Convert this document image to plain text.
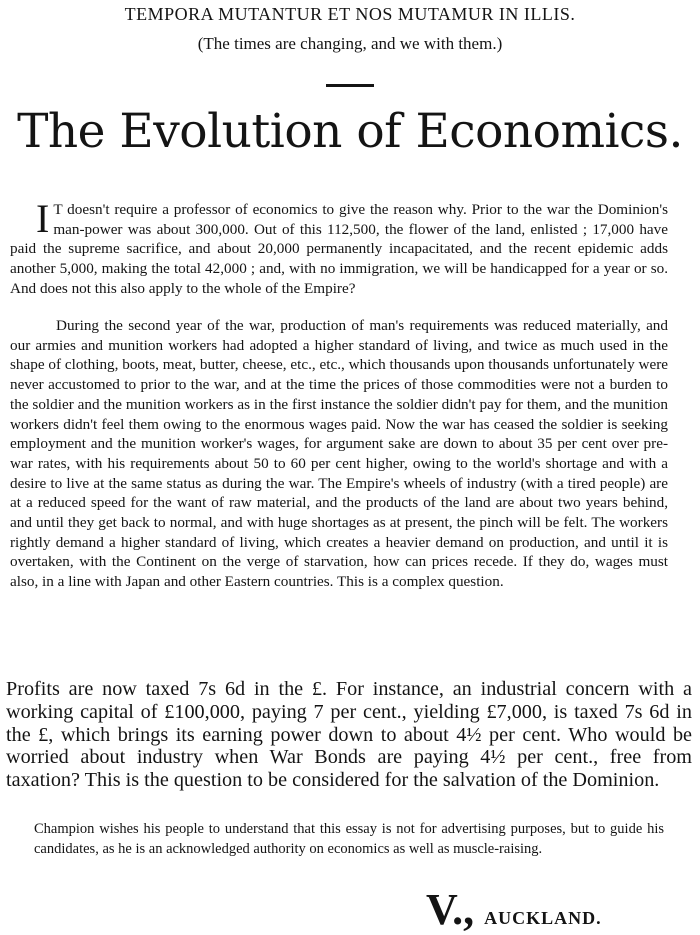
TEMPORA MUTANTUR ET NOS MUTAMUR IN ILLIS.
(The times are changing, and we with them.)
The Evolution of Economics.
I T doesn't require a professor of economics to give the reason why. Prior to the war the Dominion's man-power was about 300,000. Out of this 112,500, the flower of the land, enlisted ; 17,000 have paid the supreme sacrifice, and about 20,000 permanently incapacitated, and the recent epidemic adds another 5,000, making the total 42,000 ; and, with no immigration, we will be handicapped for a year or so. And does not this also apply to the whole of the Empire?
During the second year of the war, production of man's requirements was reduced materially, and our armies and munition workers had adopted a higher standard of living, and twice as much used in the shape of clothing, boots, meat, butter, cheese, etc., etc., which thousands upon thousands unfortunately were never accustomed to prior to the war, and at the time the prices of those commodities were not a burden to the soldier and the munition workers as in the first instance the soldier didn't pay for them, and the munition workers didn't feel them owing to the enormous wages paid. Now the war has ceased the soldier is seeking employment and the munition worker's wages, for argument sake are down to about 35 per cent over pre-war rates, with his requirements about 50 to 60 per cent higher, owing to the world's shortage and with a desire to live at the same status as during the war. The Empire's wheels of industry (with a tired people) are at a reduced speed for the want of raw material, and the products of the land are about two years behind, and until they get back to normal, and with huge shortages as at present, the pinch will be felt. The workers rightly demand a higher standard of living, which creates a heavier demand on production, and until it is overtaken, with the Continent on the verge of starvation, how can prices recede. If they do, wages must also, in a line with Japan and other Eastern countries. This is a complex question.
Profits are now taxed 7s 6d in the £. For instance, an industrial concern with a working capital of £100,000, paying 7 per cent., yielding £7,000, is taxed 7s 6d in the £, which brings its earning power down to about 4½ per cent. Who would be worried about industry when War Bonds are paying 4½ per cent., free from taxation? This is the question to be considered for the salvation of the Dominion.
Champion wishes his people to understand that this essay is not for advertising purposes, but to guide his candidates, as he is an acknowledged authority on economics as well as muscle-raising.
V., AUCKLAND.
